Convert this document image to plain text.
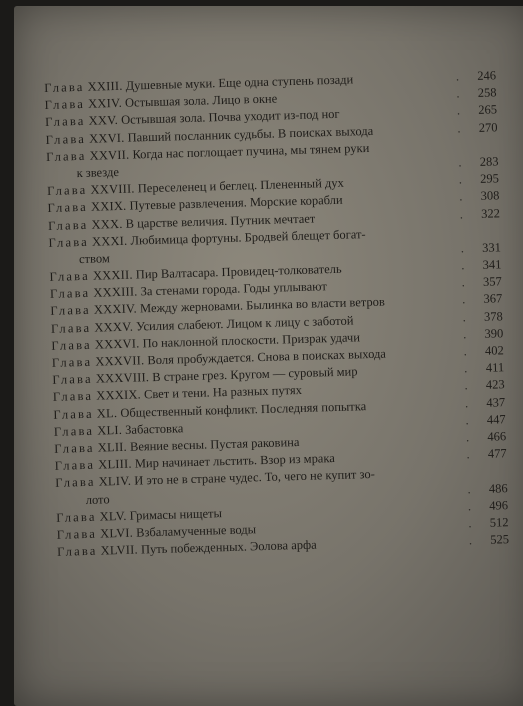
Глава XXIII. Душевные муки. Еще одна ступень позади	. 246
Глава XXIV. Остывшая зола. Лицо в окне	. 258
Глава XXV. Остывшая зола. Почва уходит из-под ног	. 265
Глава XXVI. Павший посланник судьбы. В поисках выхода	. 270
Глава XXVII. Когда нас поглощает пучина, мы тянем руки
к звезде
. 283
Глава XXVIII. Переселенец и беглец. Плененный дух	. 295
Глава XXIX. Путевые развлечения. Морские корабли	. 308
Глава XXX. В царстве величия. Путник мечтает	. 322
Глава XXXI. Любимица фортуны. Бродвей блещет богат-
ством
. 331
Глава XXXII. Пир Валтасара. Провидец-толкователь	. 341
Глава XXXIII. За стенами города. Годы уплывают	. 357
Глава XXXIV. Между жерновами. Былинка во власти ветров	. 367
Глава XXXV. Усилия слабеют. Лицом к лицу с заботой	. 378
Глава XXXVI. По наклонной плоскости. Призрак удачи	. 390
Глава XXXVII. Воля пробуждается. Снова в поисках выхода	. 402
Глава XXXVIII. В стране грез. Кругом — суровый мир	. 411
Глава XXXIX. Свет и тени. На разных путях	. 423
Глава XL. Общественный конфликт. Последняя попытка	. 437
Глава XLI. Забастовка
. 447
Глава XLII. Веяние весны. Пустая раковина	. 466
Глава XLIII. Мир начинает льстить. Взор из мрака	. 477
Глава XLIV. И это не в стране чудес. То, чего не купит зо-
лото
. 486
Глава XLV. Гримасы нищеты	. 496
Глава XLVI. Взбаламученные воды	. 512
Глава XLVII. Путь побежденных. Эолова арфа	. 525
